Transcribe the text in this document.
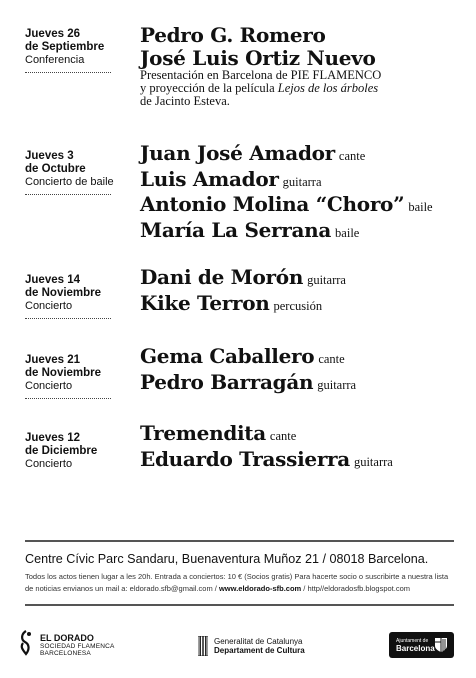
Jueves 26
de Septiembre
Conferencia
Pedro G. Romero
José Luis Ortiz Nuevo
Presentación en Barcelona de PIE FLAMENCO
y proyección de la película Lejos de los árboles
de Jacinto Esteva.
Jueves 3
de Octubre
Concierto de baile
Juan José Amador cante
Luis Amador guitarra
Antonio Molina “Choro” baile
María La Serrana baile
Jueves 14
de Noviembre
Concierto
Dani de Morón guitarra
Kike Terron percusión
Jueves 21
de Noviembre
Concierto
Gema Caballero cante
Pedro Barragán guitarra
Jueves 12
de Diciembre
Concierto
Tremendita cante
Eduardo Trassierra guitarra
Centre Cívic Parc Sandaru, Buenaventura Muñoz 21 / 08018 Barcelona.
Todos los actos tienen lugar a les 20h. Entrada a conciertos: 10 € (Socios gratis) Para hacerte socio o suscribirte a nuestra lista
de noticias envianos un mail a: eldorado.sfb@gmail.com / www.eldorado-sfb.com / http//eldoradosfb.blogspot.com
EL DORADO
SOCIEDAD FLAMENCA
BARCELONESA
Generalitat de Catalunya
Departament de Cultura
Ajuntament de
Barcelona
